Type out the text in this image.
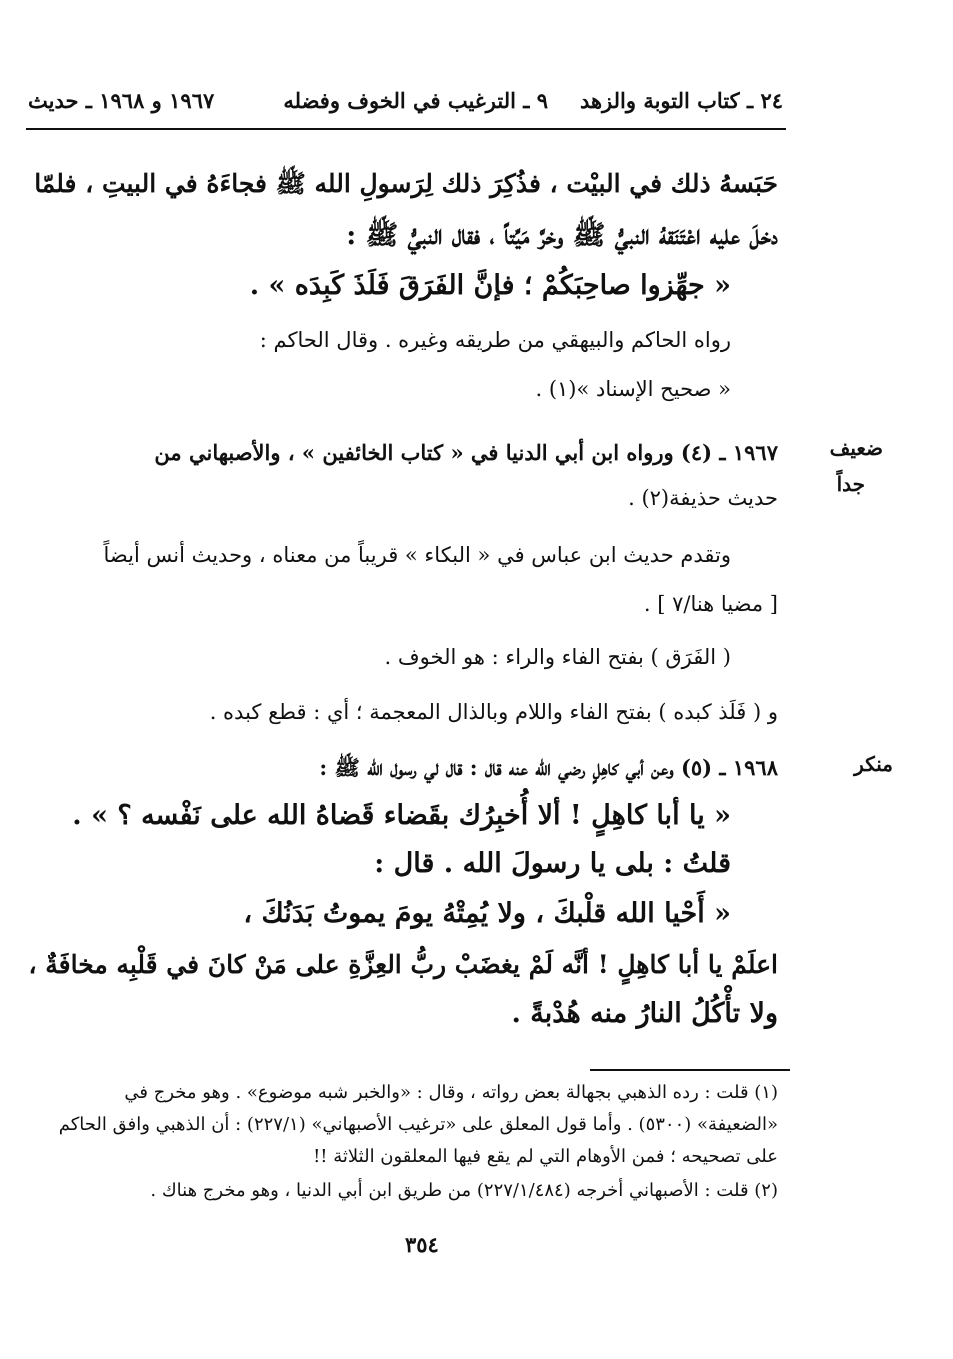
٢٤ ـ كتاب التوبة والزهد
٩ ـ الترغيب في الخوف وفضله
١٩٦٧ و ١٩٦٨ ـ حديث
حَبَسهُ ذلك في البيْت ، فذُكِرَ ذلك لِرَسولِ الله ﷺ فجاءَهُ في البيتِ ، فلمّا
دخلَ عليه اعْتَنَقهُ النبيُّ ﷺ وخرَّ مَيِّتاً ، فقال النبيُّ ﷺ :
« جهِّزوا صاحِبَكُمْ ؛ فإنَّ الفَرَقَ فَلَذَ كَبِدَه » .
رواه الحاكم والبيهقي من طريقه وغيره . وقال الحاكم :
« صحيح الإسناد »(١) .
ضعيف
جداً
١٩٦٧ ـ (٤) ورواه ابن أبي الدنيا في « كتاب الخائفين » ، والأصبهاني من
حديث حذيفة(٢) .
وتقدم حديث ابن عباس في « البكاء » قريباً من معناه ، وحديث أنس أيضاً
[ مضيا هنا/٧ ] .
( الفَرَق ) بفتح الفاء والراء : هو الخوف .
و ( فَلَذ كبده ) بفتح الفاء واللام وبالذال المعجمة ؛ أي : قطع كبده .
منكر
١٩٦٨ ـ (٥) وعن أبي كاهِلٍ رضي الله عنه قال : قال لي رسول الله ﷺ :
« يا أبا كاهِلٍ ! ألا أُخبِرُك بقَضاء قَضاهُ الله على نَفْسه ؟ » .
قلتُ : بلى يا رسولَ الله . قال :
« أَحْيا الله قلْبكَ ، ولا يُمِتْهُ يومَ يموتُ بَدَنُكَ ،
اعلَمْ يا أبا كاهِلٍ ! أنَّه لَمْ يغضَبْ ربُّ العِزَّةِ على مَنْ كانَ في قَلْبِه مخافَةٌ ،
ولا تأْكُلُ النارُ منه هُدْبةً .
(١) قلت : رده الذهبي بجهالة بعض رواته ، وقال : «والخبر شبه موضوع» . وهو مخرج في
«الضعيفة» (٥٣٠٠) . وأما قول المعلق على «ترغيب الأصبهاني» (٢٢٧/١) : أن الذهبي وافق الحاكم
على تصحيحه ؛ فمن الأوهام التي لم يقع فيها المعلقون الثلاثة !!
(٢) قلت : الأصبهاني أخرجه (٢٢٧/١/٤٨٤) من طريق ابن أبي الدنيا ، وهو مخرج هناك .
٣٥٤
